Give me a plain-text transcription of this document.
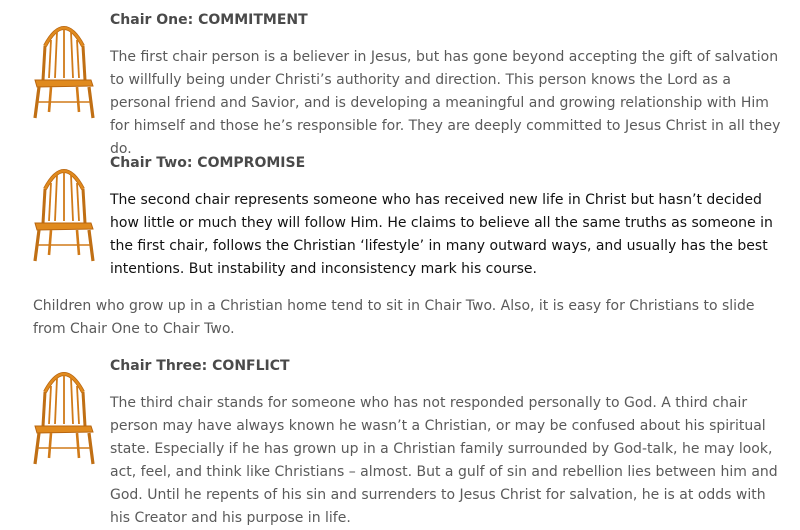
Chair One: COMMITMENT

The first chair person is a believer in Jesus, but has gone beyond accepting the gift of salvation to willfully being under Christi’s authority and direction. This person knows the Lord as a personal friend and Savior, and is developing a meaningful and growing relationship with Him for himself and those he’s responsible for. They are deeply committed to Jesus Christ in all they do.

Chair Two: COMPROMISE

The second chair represents someone who has received new life in Christ but hasn’t decided how little or much they will follow Him. He claims to believe all the same truths as someone in the first chair, follows the Christian ‘lifestyle’ in many outward ways, and usually has the best intentions. But instability and inconsistency mark his course.

Children who grow up in a Christian home tend to sit in Chair Two. Also, it is easy for Christians to slide from Chair One to Chair Two.

Chair Three: CONFLICT

The third chair stands for someone who has not responded personally to God. A third chair person may have always known he wasn’t a Christian, or may be confused about his spiritual state. Especially if he has grown up in a Christian family surrounded by God-talk, he may look, act, feel, and think like Christians – almost. But a gulf of sin and rebellion lies between him and God. Until he repents of his sin and surrenders to Jesus Christ for salvation, he is at odds with his Creator and his purpose in life.
